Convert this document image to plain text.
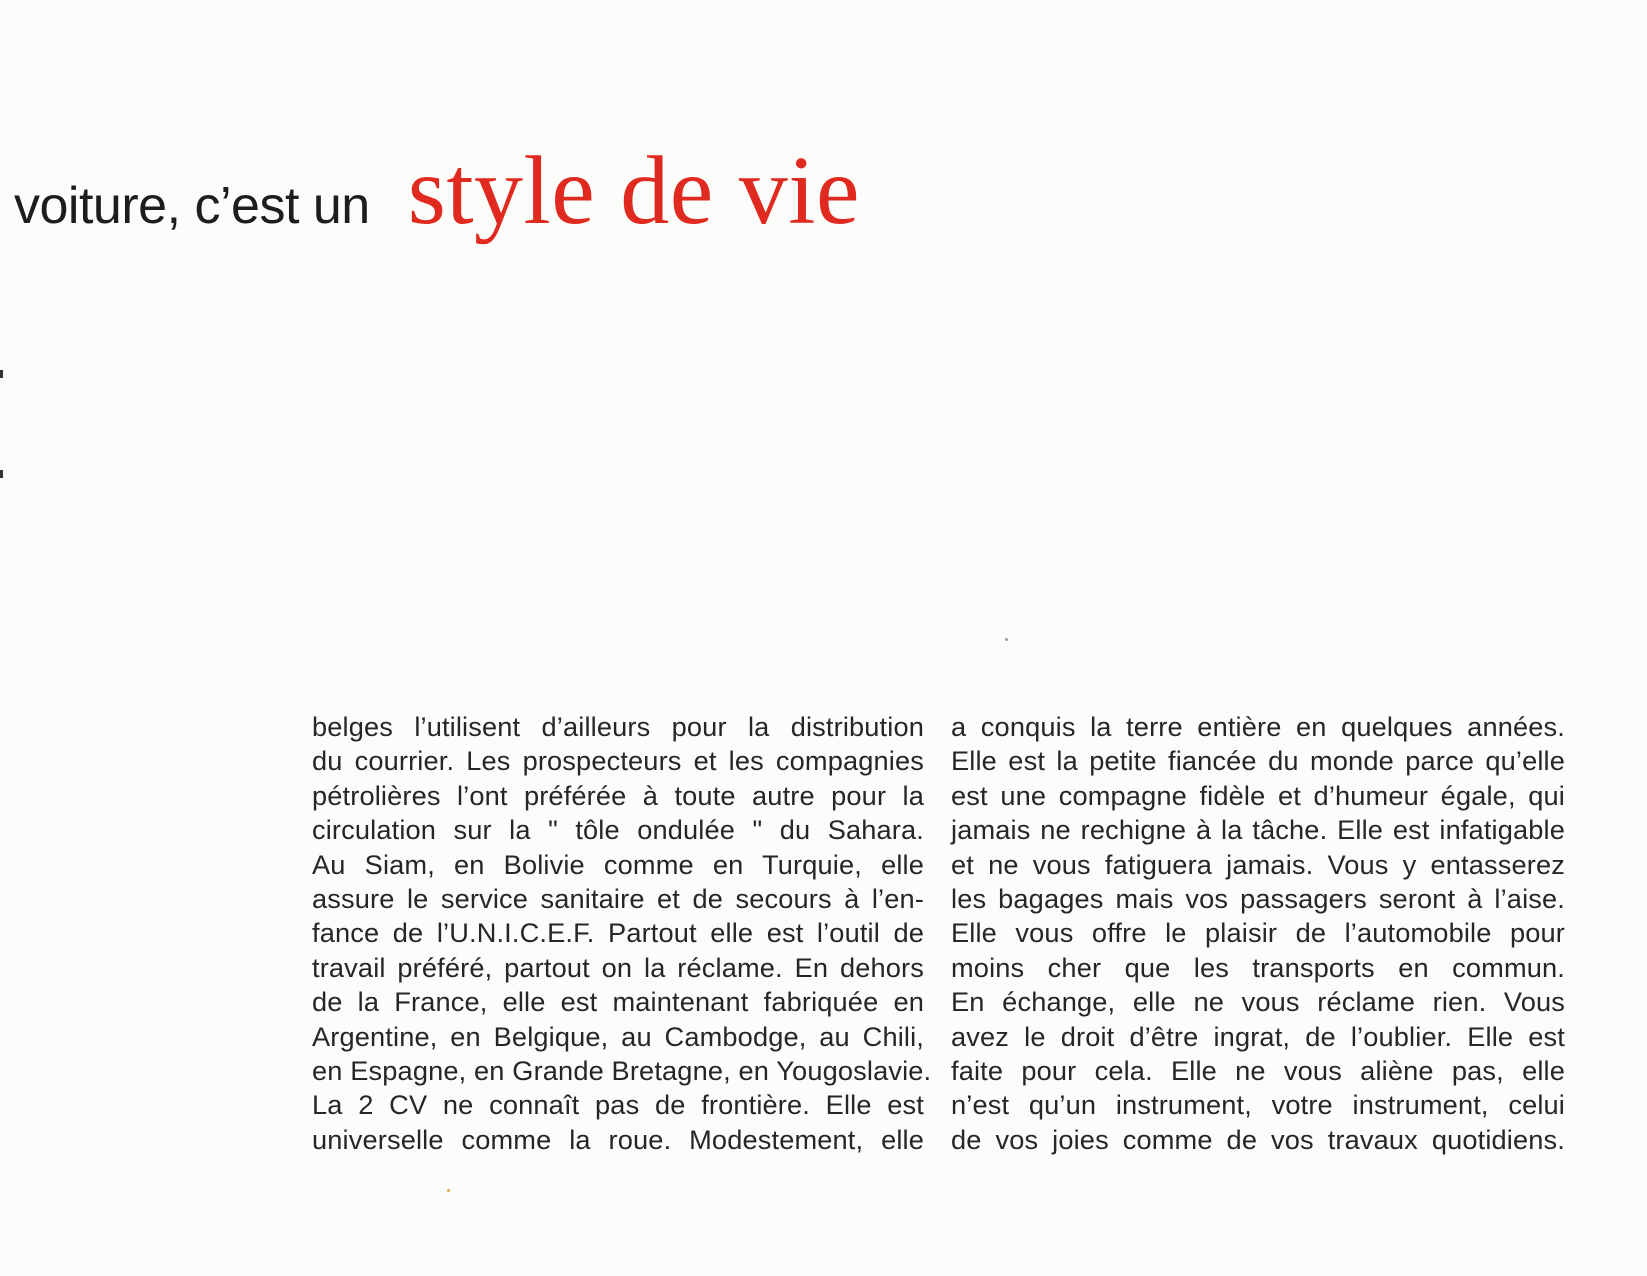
voiture, c’est un style de vie
belges l’utilisent d’ailleurs pour la distribution
du courrier. Les prospecteurs et les compagnies
pétrolières l’ont préférée à toute autre pour la
circulation sur la " tôle ondulée " du Sahara.
Au Siam, en Bolivie comme en Turquie, elle
assure le service sanitaire et de secours à l’en-
fance de l’U.N.I.C.E.F. Partout elle est l’outil de
travail préféré, partout on la réclame. En dehors
de la France, elle est maintenant fabriquée en
Argentine, en Belgique, au Cambodge, au Chili,
en Espagne, en Grande Bretagne, en Yougoslavie.
La 2 CV ne connaît pas de frontière. Elle est
universelle comme la roue. Modestement, elle
a conquis la terre entière en quelques années.
Elle est la petite fiancée du monde parce qu’elle
est une compagne fidèle et d’humeur égale, qui
jamais ne rechigne à la tâche. Elle est infatigable
et ne vous fatiguera jamais. Vous y entasserez
les bagages mais vos passagers seront à l’aise.
Elle vous offre le plaisir de l’automobile pour
moins cher que les transports en commun.
En échange, elle ne vous réclame rien. Vous
avez le droit d’être ingrat, de l’oublier. Elle est
faite pour cela. Elle ne vous aliène pas, elle
n’est qu’un instrument, votre instrument, celui
de vos joies comme de vos travaux quotidiens.
